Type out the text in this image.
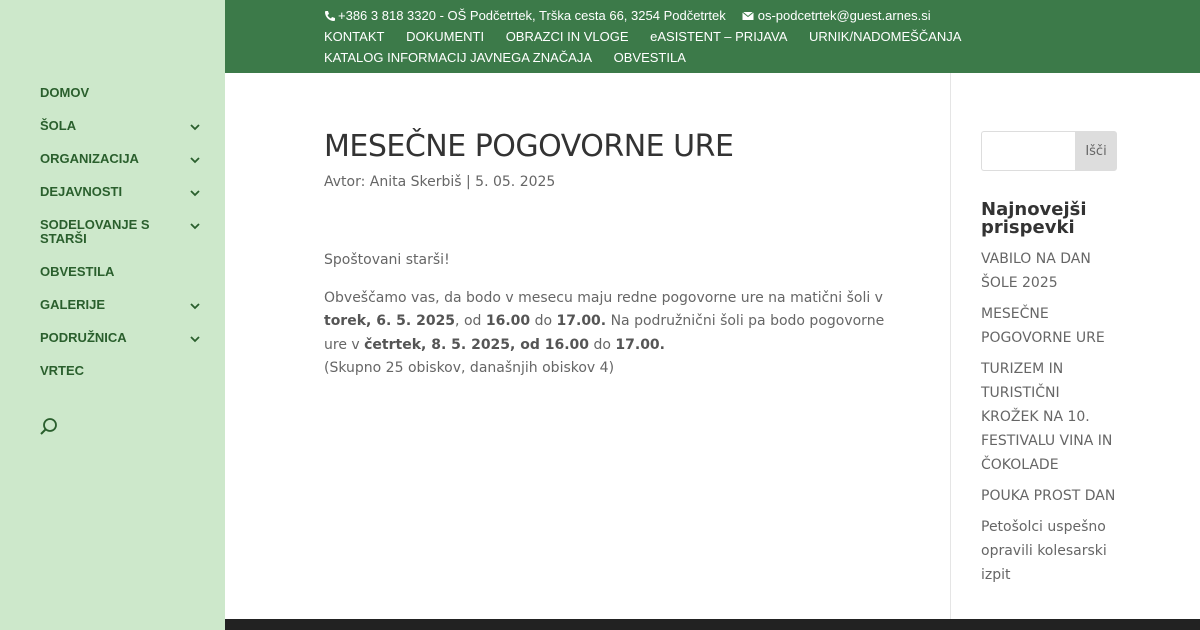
DOMOV
ŠOLA
ORGANIZACIJA
DEJAVNOSTI
SODELOVANJE S STARŠI
OBVESTILA
GALERIJE
PODRUŽNICA
VRTEC
+386 3 818 3320 - OŠ Podčetrtek, Trška cesta 66, 3254 Podčetrtek os-podcetrtek@guest.arnes.si
KONTAKT DOKUMENTI OBRAZCI IN VLOGE eASISTENT – PRIJAVA URNIK/NADOMEŠČANJA
KATALOG INFORMACIJ JAVNEGA ZNAČAJA OBVESTILA
MESEČNE POGOVORNE URE
Avtor: Anita Skerbiš | 5. 05. 2025

Spoštovani starši!

Obveščamo vas, da bodo v mesecu maju redne pogovorne ure na matični šoli v torek, 6. 5. 2025, od 16.00 do 17.00. Na podružnični šoli pa bodo pogovorne ure v četrtek, 8. 5. 2025, od 16.00 do 17.00.

(Skupno 25 obiskov, današnjih obiskov 4)

Išči
Najnovejši prispevki
VABILO NA DAN ŠOLE 2025
MESEČNE POGOVORNE URE
TURIZEM IN TURISTIČNI KROŽEK NA 10. FESTIVALU VINA IN ČOKOLADE
POUKA PROST DAN
Petošolci uspešno opravili kolesarski izpit
